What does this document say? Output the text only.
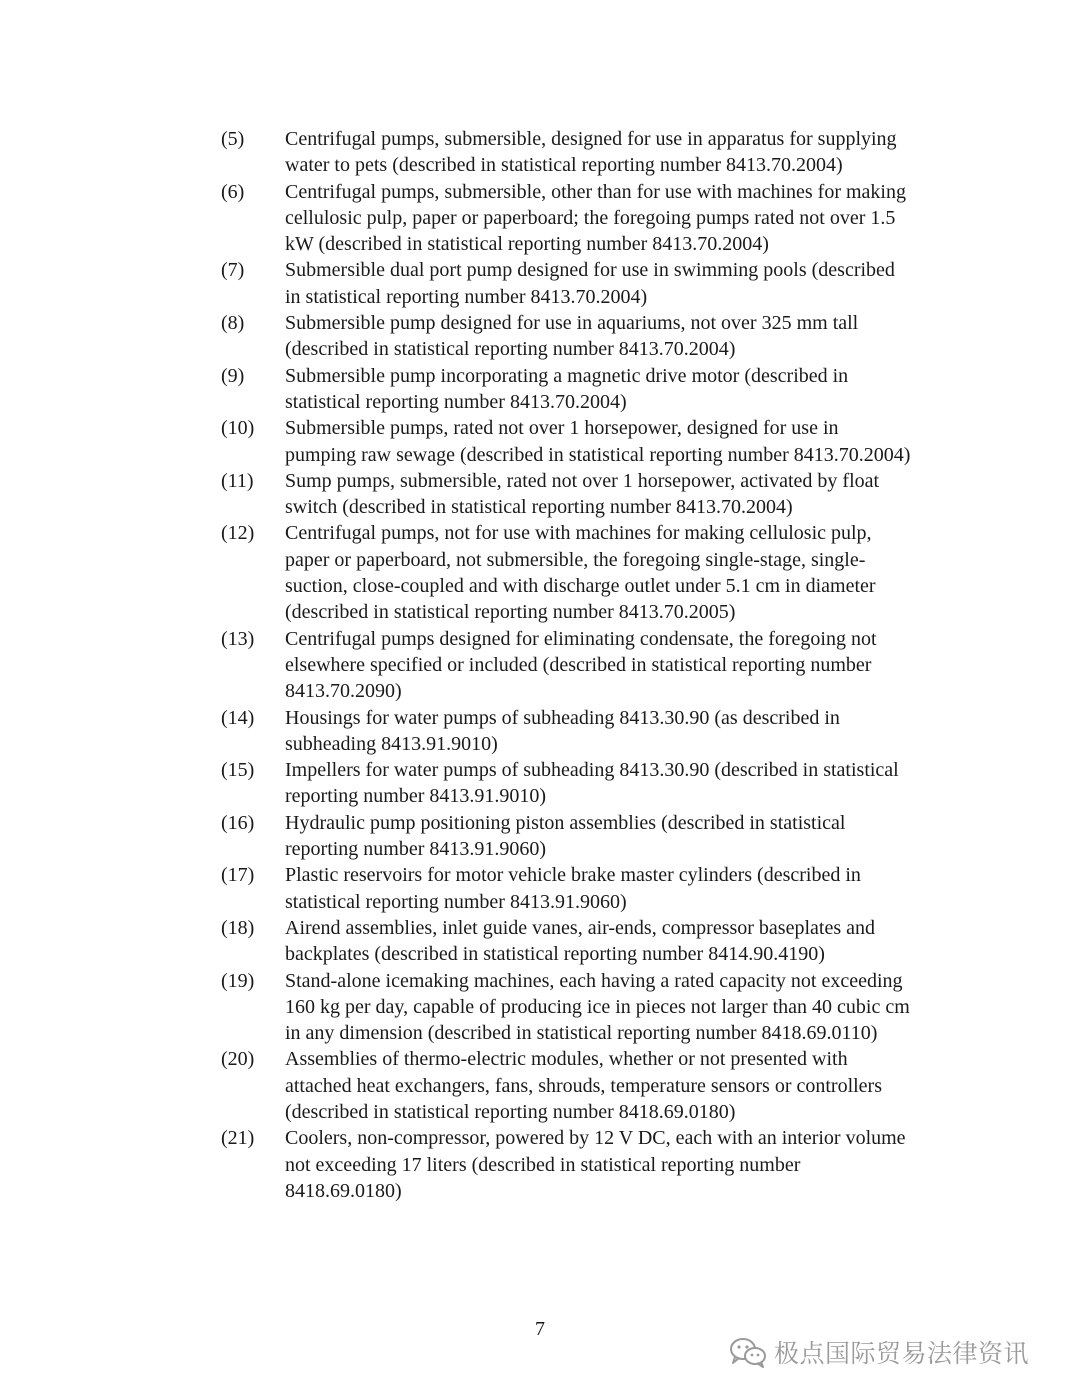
(5)	Centrifugal pumps, submersible, designed for use in apparatus for supplying
water to pets (described in statistical reporting number 8413.70.2004)
(6)	Centrifugal pumps, submersible, other than for use with machines for making
cellulosic pulp, paper or paperboard; the foregoing pumps rated not over 1.5
kW (described in statistical reporting number 8413.70.2004)
(7)	Submersible dual port pump designed for use in swimming pools (described
in statistical reporting number 8413.70.2004)
(8)	Submersible pump designed for use in aquariums, not over 325 mm tall
(described in statistical reporting number 8413.70.2004)
(9)	Submersible pump incorporating a magnetic drive motor (described in
statistical reporting number 8413.70.2004)
(10)	Submersible pumps, rated not over 1 horsepower, designed for use in
pumping raw sewage (described in statistical reporting number 8413.70.2004)
(11)	Sump pumps, submersible, rated not over 1 horsepower, activated by float
switch (described in statistical reporting number 8413.70.2004)
(12)	Centrifugal pumps, not for use with machines for making cellulosic pulp,
paper or paperboard, not submersible, the foregoing single-stage, single-
suction, close-coupled and with discharge outlet under 5.1 cm in diameter
(described in statistical reporting number 8413.70.2005)
(13)	Centrifugal pumps designed for eliminating condensate, the foregoing not
elsewhere specified or included (described in statistical reporting number
8413.70.2090)
(14)	Housings for water pumps of subheading 8413.30.90 (as described in
subheading 8413.91.9010)
(15)	Impellers for water pumps of subheading 8413.30.90 (described in statistical
reporting number 8413.91.9010)
(16)	Hydraulic pump positioning piston assemblies (described in statistical
reporting number 8413.91.9060)
(17)	Plastic reservoirs for motor vehicle brake master cylinders (described in
statistical reporting number 8413.91.9060)
(18)	Airend assemblies, inlet guide vanes, air-ends, compressor baseplates and
backplates (described in statistical reporting number 8414.90.4190)
(19)	Stand-alone icemaking machines, each having a rated capacity not exceeding
160 kg per day, capable of producing ice in pieces not larger than 40 cubic cm
in any dimension (described in statistical reporting number 8418.69.0110)
(20)	Assemblies of thermo-electric modules, whether or not presented with
attached heat exchangers, fans, shrouds, temperature sensors or controllers
(described in statistical reporting number 8418.69.0180)
(21)	Coolers, non-compressor, powered by 12 V DC, each with an interior volume
not exceeding 17 liters (described in statistical reporting number
8418.69.0180)
7
极点国际贸易法律资讯
